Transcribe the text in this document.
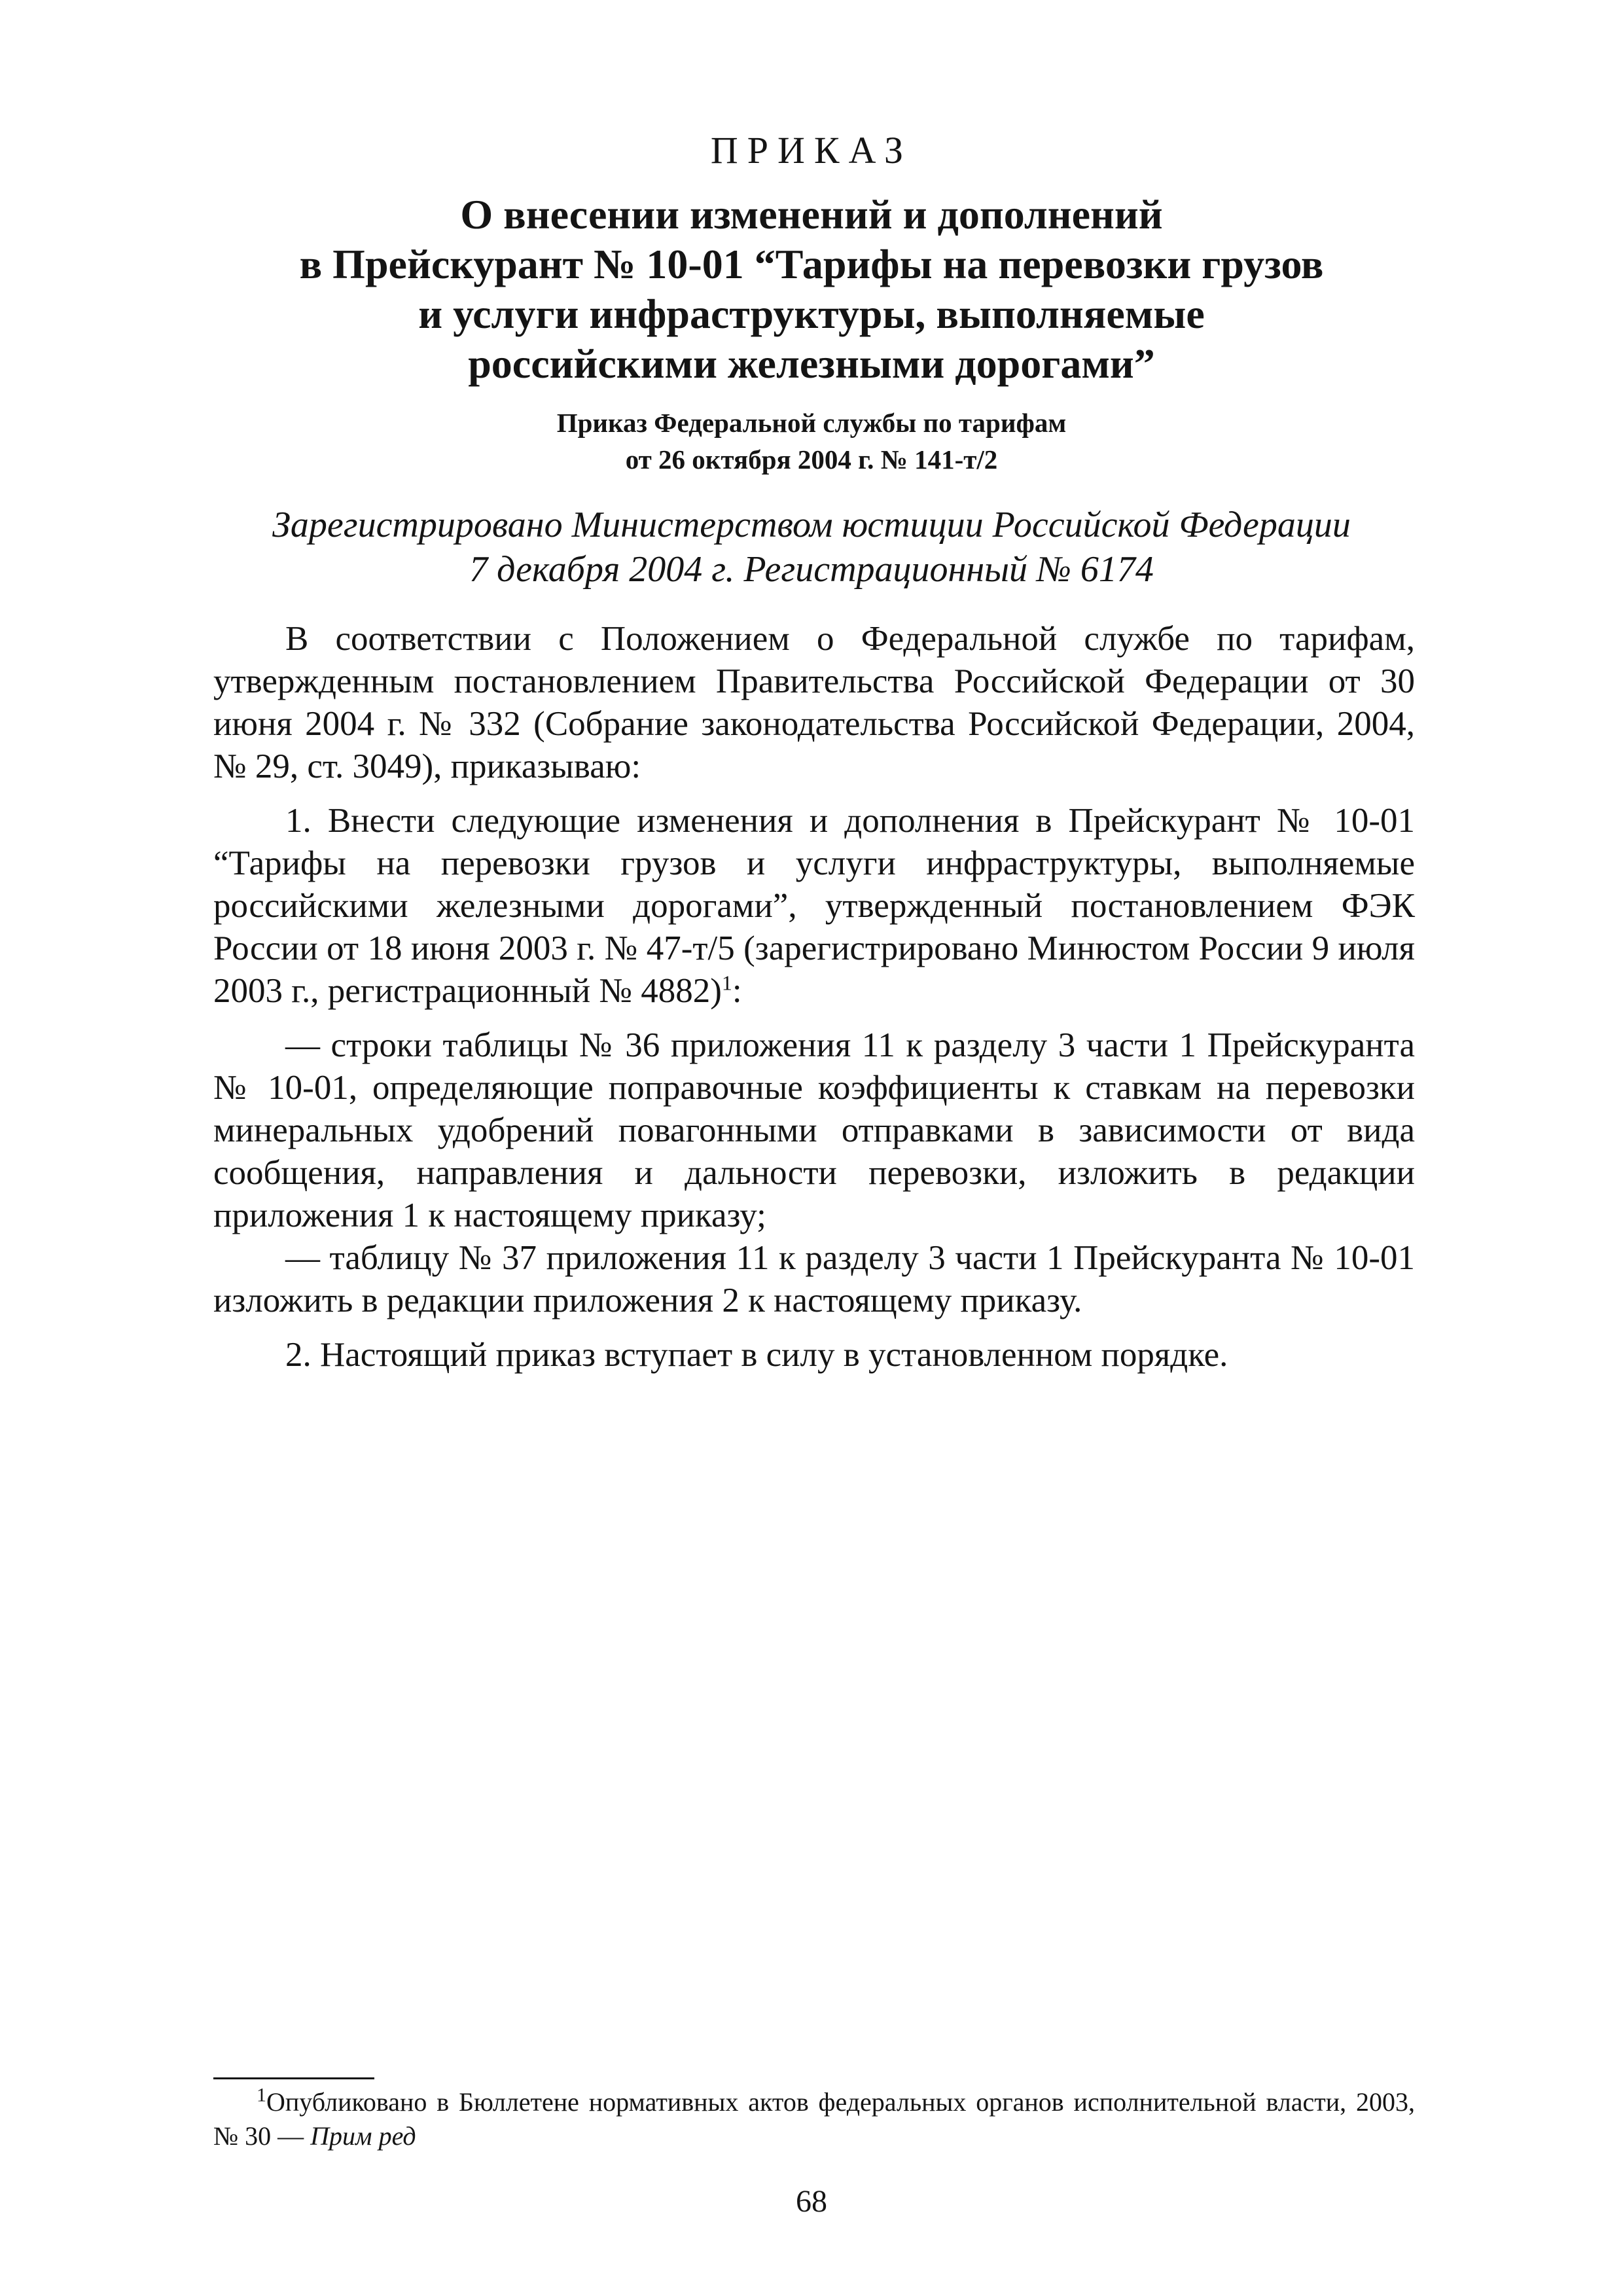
ПРИКАЗ
О внесении изменений и дополнений
в Прейскурант № 10-01 “Тарифы на перевозки грузов
и услуги инфраструктуры, выполняемые
российскими железными дорогами”
Приказ Федеральной службы по тарифам
от 26 октября 2004 г. № 141-т/2
Зарегистрировано Министерством юстиции Российской Федерации
7 декабря 2004 г. Регистрационный № 6174

В соответствии с Положением о Федеральной службе по тарифам, утвержденным постановлением Правительства Российской Федерации от 30 июня 2004 г. № 332 (Собрание законодательства Российской Федерации, 2004, № 29, ст. 3049), приказываю:

1. Внести следующие изменения и дополнения в Прейскурант № 10-01 “Тарифы на перевозки грузов и услуги инфраструктуры, выполняемые российскими железными дорогами”, утвержденный постановлением ФЭК России от 18 июня 2003 г. № 47-т/5 (зарегистрировано Минюстом России 9 июля 2003 г., регистрационный № 4882)$^1$:

— строки таблицы № 36 приложения 11 к разделу 3 части 1 Прейскуранта № 10-01, определяющие поправочные коэффициенты к ставкам на перевозки минеральных удобрений повагонными отправками в зависимости от вида сообщения, направления и дальности перевозки, изложить в редакции приложения 1 к настоящему приказу;

— таблицу № 37 приложения 11 к разделу 3 части 1 Прейскуранта № 10-01 изложить в редакции приложения 2 к настоящему приказу.

2. Настоящий приказ вступает в силу в установленном порядке.

$^1$Опубликовано в Бюллетене нормативных актов федеральных органов исполнительной власти, 2003, № 30 — Прим ред
68
